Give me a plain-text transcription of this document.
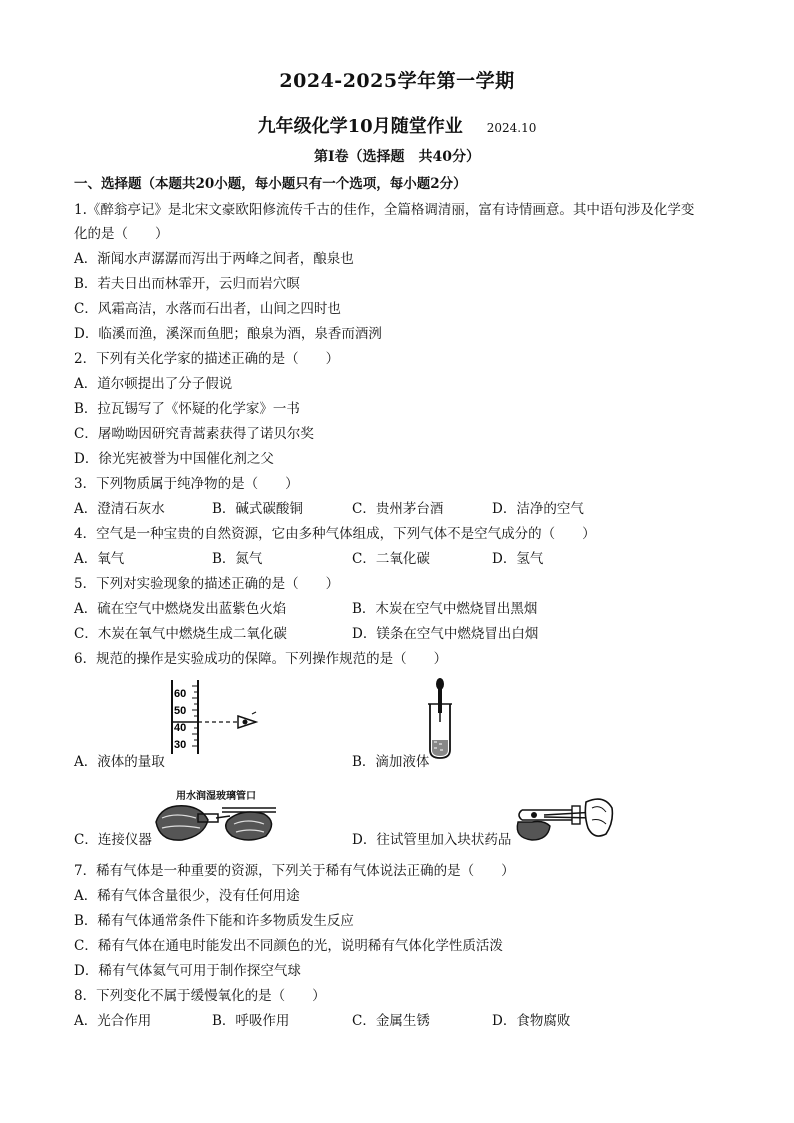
2024-2025学年第一学期
九年级化学10月随堂作业 2024.10
第Ⅰ卷（选择题　共40分）
一、选择题（本题共20小题，每小题只有一个选项，每小题2分）
1.《醉翁亭记》是北宋文豪欧阳修流传千古的佳作，全篇格调清丽，富有诗情画意。其中语句涉及化学变
化的是（　　）
A．渐闻水声潺潺而泻出于两峰之间者，酿泉也
B．若夫日出而林霏开，云归而岩穴暝
C．风霜高洁，水落而石出者，山间之四时也
D．临溪而渔，溪深而鱼肥；酿泉为酒，泉香而酒洌
2．下列有关化学家的描述正确的是（　　）
A．道尔顿提出了分子假说
B．拉瓦锡写了《怀疑的化学家》一书
C．屠呦呦因研究青蒿素获得了诺贝尔奖
D．徐光宪被誉为中国催化剂之父
3．下列物质属于纯净物的是（　　）
A．澄清石灰水	B．碱式碳酸铜	C．贵州茅台酒	D．洁净的空气
4．空气是一种宝贵的自然资源，它由多种气体组成，下列气体不是空气成分的（　　）
A．氧气	B．氮气	C．二氧化碳	D．氢气
5．下列对实验现象的描述正确的是（　　）
A．硫在空气中燃烧发出蓝紫色火焰	B．木炭在空气中燃烧冒出黑烟
C．木炭在氧气中燃烧生成二氧化碳	D．镁条在空气中燃烧冒出白烟
6．规范的操作是实验成功的保障。下列操作规范的是（　　）
60
50
40
30
A．液体的量取	B．滴加液体
用水润湿玻璃管口
C．连接仪器	D．往试管里加入块状药品
7．稀有气体是一种重要的资源，下列关于稀有气体说法正确的是（　　）
A．稀有气体含量很少，没有任何用途
B．稀有气体通常条件下能和许多物质发生反应
C．稀有气体在通电时能发出不同颜色的光，说明稀有气体化学性质活泼
D．稀有气体氦气可用于制作探空气球
8．下列变化不属于缓慢氧化的是（　　）
A．光合作用	B．呼吸作用	C．金属生锈	D．食物腐败
